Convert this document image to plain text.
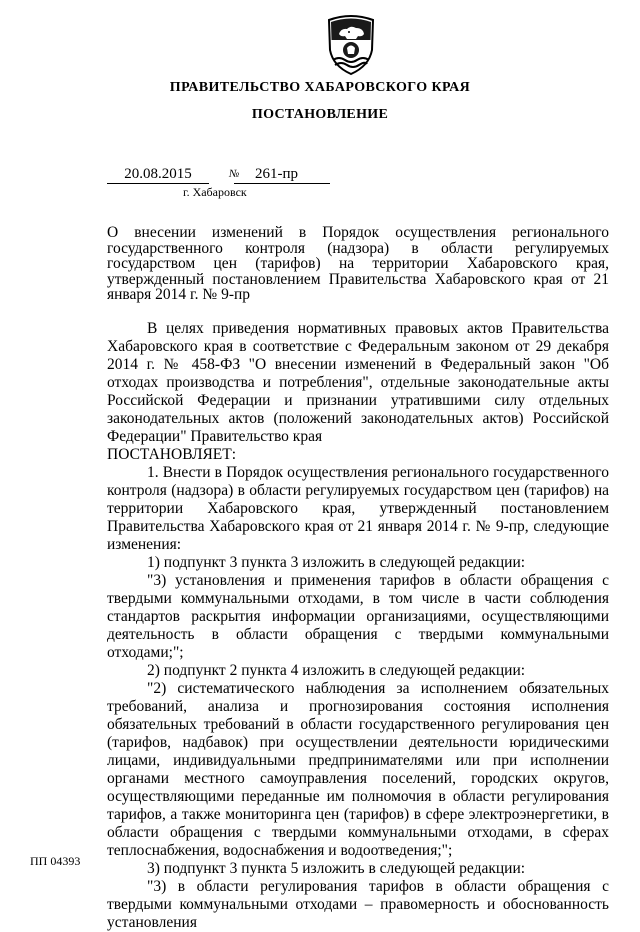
ПРАВИТЕЛЬСТВО ХАБАРОВСКОГО КРАЯ
ПОСТАНОВЛЕНИЕ
20.08.2015	№	261-пр
г. Хабаровск
О внесении изменений в Порядок осуществления регионального государственного контроля (надзора) в области регулируемых государством цен (тарифов) на территории Хабаровского края, утвержденный постановлением Правительства Хабаровского края от 21 января 2014 г. № 9-пр

В целях приведения нормативных правовых актов Правительства Хабаровского края в соответствие с Федеральным законом от 29 декабря 2014 г. № 458-ФЗ "О внесении изменений в Федеральный закон "Об отходах производства и потребления", отдельные законодательные акты Российской Федерации и признании утратившими силу отдельных законодательных актов (положений законодательных актов) Российской Федерации" Правительство края

ПОСТАНОВЛЯЕТ:

1. Внести в Порядок осуществления регионального государственного контроля (надзора) в области регулируемых государством цен (тарифов) на территории Хабаровского края, утвержденный постановлением Правительства Хабаровского края от 21 января 2014 г. № 9-пр, следующие изменения:

1) подпункт 3 пункта 3 изложить в следующей редакции:

"3) установления и применения тарифов в области обращения с твердыми коммунальными отходами, в том числе в части соблюдения стандартов раскрытия информации организациями, осуществляющими деятельность в области обращения с твердыми коммунальными отходами;";

2) подпункт 2 пункта 4 изложить в следующей редакции:

"2) систематического наблюдения за исполнением обязательных требований, анализа и прогнозирования состояния исполнения обязательных требований в области государственного регулирования цен (тарифов, надбавок) при осуществлении деятельности юридическими лицами, индивидуальными предпринимателями или при исполнении органами местного самоуправления поселений, городских округов, осуществляющими переданные им полномочия в области регулирования тарифов, а также мониторинга цен (тарифов) в сфере электроэнергетики, в области обращения с твердыми коммунальными отходами, в сферах теплоснабжения, водоснабжения и водоотведения;";

3) подпункт 3 пункта 5 изложить в следующей редакции:

"3) в области регулирования тарифов в области обращения с твердыми коммунальными отходами – правомерность и обоснованность установления

ПП 04393
